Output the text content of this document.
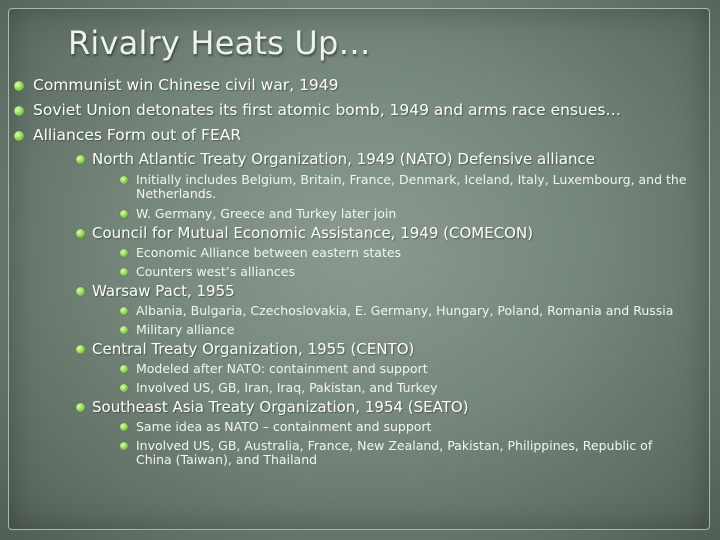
Rivalry Heats Up…
Communist win Chinese civil war, 1949
Soviet Union detonates its first atomic bomb, 1949 and arms race ensues…
Alliances Form out of FEAR
North Atlantic Treaty Organization, 1949 (NATO) Defensive alliance
Initially includes Belgium, Britain, France, Denmark, Iceland, Italy, Luxembourg, and the Netherlands.
W. Germany, Greece and Turkey later join
Council for Mutual Economic Assistance, 1949 (COMECON)
Economic Alliance between eastern states
Counters west’s alliances
Warsaw Pact, 1955
Albania, Bulgaria, Czechoslovakia, E. Germany, Hungary, Poland, Romania and Russia
Military alliance
Central Treaty Organization, 1955 (CENTO)
Modeled after NATO: containment and support
Involved US, GB, Iran, Iraq, Pakistan, and Turkey
Southeast Asia Treaty Organization, 1954 (SEATO)
Same idea as NATO – containment and support
Involved US, GB, Australia, France, New Zealand, Pakistan, Philippines, Republic of China (Taiwan), and Thailand
